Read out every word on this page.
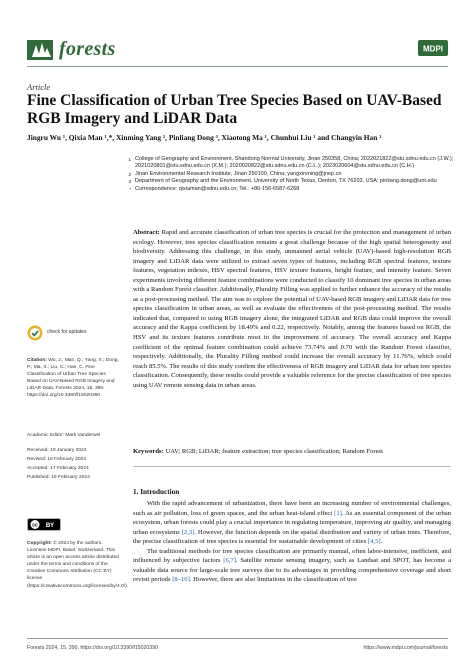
forests	MDPI
Article
Fine Classification of Urban Tree Species Based on UAV-Based RGB Imagery and LiDAR Data
Jingru Wu ¹, Qixia Man ¹,*, Xinming Yang ², Pinliang Dong ³, Xiaotong Ma ¹, Chunhui Liu ¹ and Changyin Han ¹
1 College of Geography and Environment, Shandong Normal University, Jinan 250358, China; 2022021822@stu.sdnu.edu.cn (J.W.); 2021020801@stu.sdnu.edu.cn (X.M.); 2020020822@stu.sdnu.edu.cn (C.L.); 2023020604@stu.sdnu.edu.cn (C.H.)
2 Jinan Environmental Research Institute, Jinan 250100, China; yangxinming@jnep.cn
3 Department of Geography and the Environment, University of North Texas, Denton, TX 76203, USA; pinliang.dong@unt.edu
* Correspondence: qixiaman@sdnu.edu.cn; Tel.: +86-156-6587-6268
Abstract: Rapid and accurate classification of urban tree species is crucial for the protection and management of urban ecology. However, tree species classification remains a great challenge because of the high spatial heterogeneity and biodiversity. Addressing this challenge, in this study, unmanned aerial vehicle (UAV)-based high-resolution RGB imagery and LiDAR data were utilized to extract seven types of features, including RGB spectral features, texture features, vegetation indexes, HSV spectral features, HSV texture features, height feature, and intensity feature. Seven experiments involving different feature combinations were conducted to classify 10 dominant tree species in urban areas with a Random Forest classifier. Additionally, Plurality Filling was applied to further enhance the accuracy of the results as a post-processing method. The aim was to explore the potential of UAV-based RGB imagery and LiDAR data for tree species classification in urban areas, as well as evaluate the effectiveness of the post-processing method. The results indicated that, compared to using RGB imagery alone, the integrated LiDAR and RGB data could improve the overall accuracy and the Kappa coefficient by 18.49% and 0.22, respectively. Notably, among the features based on RGB, the HSV and its texture features contribute most to the improvement of accuracy. The overall accuracy and Kappa coefficient of the optimal feature combination could achieve 73.74% and 0.70 with the Random Forest classifier, respectively. Additionally, the Plurality Filling method could increase the overall accuracy by 11.76%, which could reach 85.5%. The results of this study confirm the effectiveness of RGB imagery and LiDAR data for urban tree species classification. Consequently, these results could provide a valuable reference for the precise classification of tree species using UAV remote sensing data in urban areas.
Keywords: UAV; RGB; LiDAR; feature extraction; tree species classification; Random Forest
check for updates
Citation: Wu, J.; Man, Q.; Yang, X.; Dong, P.; Ma, X.; Liu, C.; Han, C. Fine Classification of Urban Tree Species Based on UAV-Based RGB Imagery and LiDAR Data. Forests 2024, 15, 390. https://doi.org/10.3390/f15020390
Academic Editor: Mark Vanderwel
Received: 10 January 2024
Revised: 16 February 2024
Accepted: 17 February 2024
Published: 19 February 2024
cc BY
Copyright: © 2024 by the authors. Licensee MDPI, Basel, Switzerland. This article is an open access article distributed under the terms and conditions of the Creative Commons Attribution (CC BY) license (https://creativecommons.org/licenses/by/4.0/).
1. Introduction

With the rapid advancement of urbanization, there have been an increasing number of environmental challenges, such as air pollution, loss of green spaces, and the urban heat-island effect [1]. As an essential component of the urban ecosystem, urban forests could play a crucial importance in regulating temperature, improving air quality, and managing urban ecosystems [2,3]. However, the function depends on the spatial distribution and variety of urban trees. Therefore, the precise classification of tree species is essential for sustainable development of cities [4,5].

The traditional methods for tree species classification are primarily manual, often labor-intensive, inefficient, and influenced by subjective factors [6,7]. Satellite remote sensing imagery, such as Landsat and SPOT, has become a valuable data source for large-scale tree surveys due to its advantages in providing comprehensive coverage and short revisit periods [8–10]. However, there are also limitations in the classification of tree

Forests 2024, 15, 390. https://doi.org/10.3390/f15020390	https://www.mdpi.com/journal/forests
